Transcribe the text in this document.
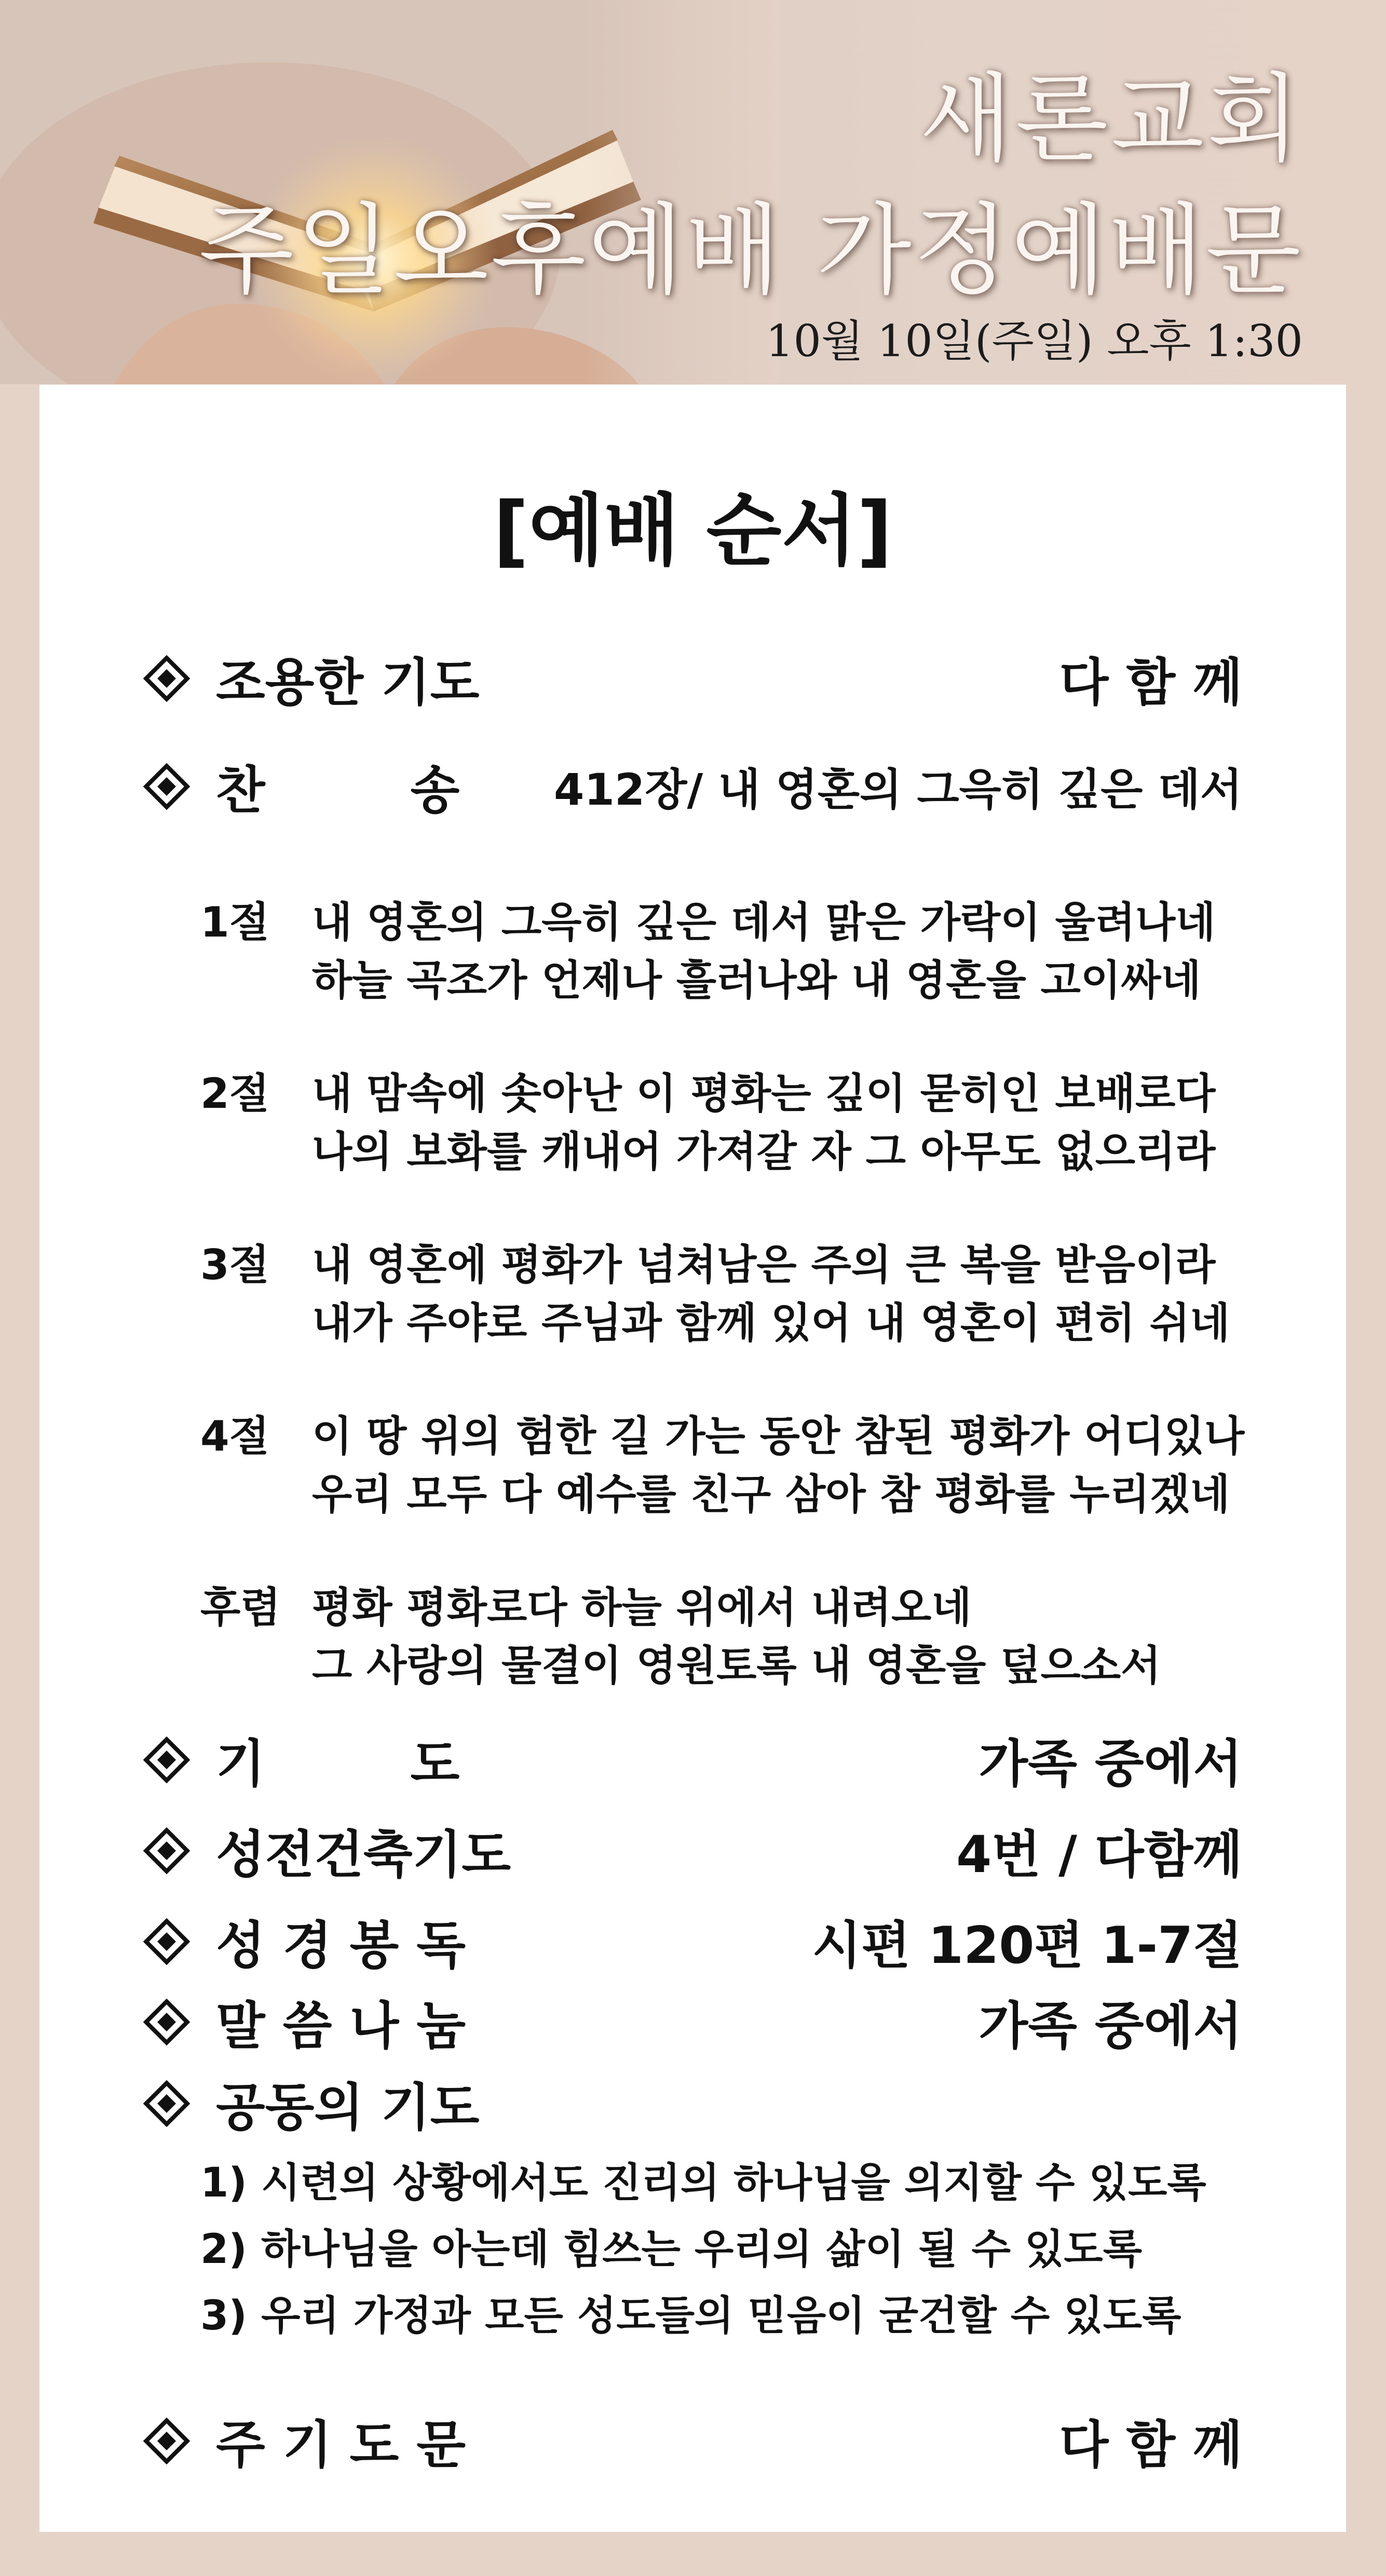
새론교회
주일오후예배 가정예배문
10월 10일(주일) 오후 1:30
[예배 순서]
조용한 기도	다 함 께
찬	송 412장/ 내 영혼의 그윽히 깊은 데서
1절	내 영혼의 그윽히 깊은 데서 맑은 가락이 울려나네
하늘 곡조가 언제나 흘러나와 내 영혼을 고이싸네
2절	내 맘속에 솟아난 이 평화는 깊이 묻히인 보배로다
나의 보화를 캐내어 가져갈 자 그 아무도 없으리라
3절	내 영혼에 평화가 넘쳐남은 주의 큰 복을 받음이라
내가 주야로 주님과 함께 있어 내 영혼이 편히 쉬네
4절	이 땅 위의 험한 길 가는 동안 참된 평화가 어디있나
우리 모두 다 예수를 친구 삼아 참 평화를 누리겠네
후렴 평화 평화로다 하늘 위에서 내려오네
그 사랑의 물결이 영원토록 내 영혼을 덮으소서
기	도	가족 중에서
성전건축기도	4번 / 다함께
성 경 봉 독	시편 120편 1-7절
말 씀 나 눔	가족 중에서
공동의 기도
1) 시련의 상황에서도 진리의 하나님을 의지할 수 있도록
2) 하나님을 아는데 힘쓰는 우리의 삶이 될 수 있도록
3) 우리 가정과 모든 성도들의 믿음이 굳건할 수 있도록
주 기 도 문	다 함 께
